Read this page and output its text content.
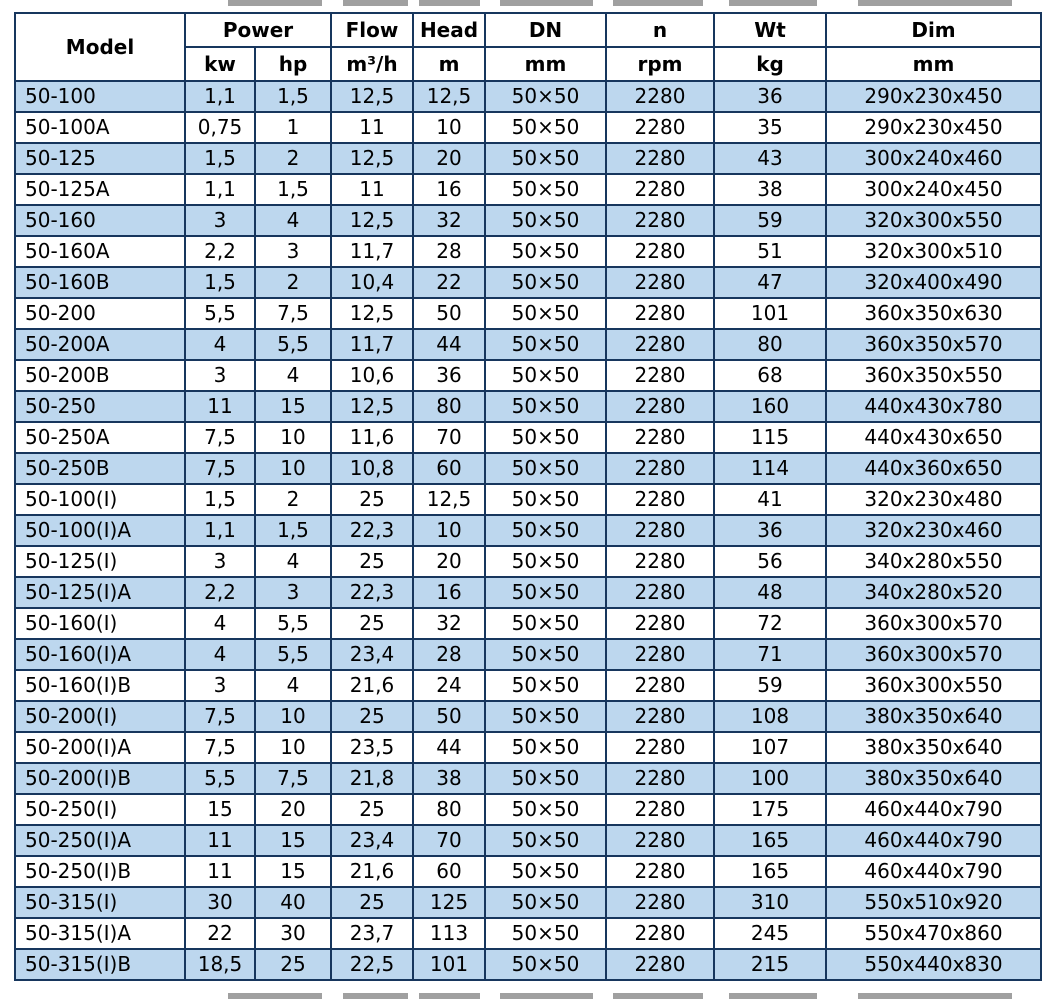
Model	Power		Flow	Head	DN	n	Wt	Dim
	kw	hp	m³/h	m	mm	rpm	kg	mm
50-100	1,1	1,5	12,5	12,5	50×50	2280	36	290x230x450
50-100A	0,75	1	11	10	50×50	2280	35	290x230x450
50-125	1,5	2	12,5	20	50×50	2280	43	300x240x460
50-125A	1,1	1,5	11	16	50×50	2280	38	300x240x450
50-160	3	4	12,5	32	50×50	2280	59	320x300x550
50-160A	2,2	3	11,7	28	50×50	2280	51	320x300x510
50-160B	1,5	2	10,4	22	50×50	2280	47	320x400x490
50-200	5,5	7,5	12,5	50	50×50	2280	101	360x350x630
50-200A	4	5,5	11,7	44	50×50	2280	80	360x350x570
50-200B	3	4	10,6	36	50×50	2280	68	360x350x550
50-250	11	15	12,5	80	50×50	2280	160	440x430x780
50-250A	7,5	10	11,6	70	50×50	2280	115	440x430x650
50-250B	7,5	10	10,8	60	50×50	2280	114	440x360x650
50-100(I)	1,5	2	25	12,5	50×50	2280	41	320x230x480
50-100(I)A	1,1	1,5	22,3	10	50×50	2280	36	320x230x460
50-125(I)	3	4	25	20	50×50	2280	56	340x280x550
50-125(I)A	2,2	3	22,3	16	50×50	2280	48	340x280x520
50-160(I)	4	5,5	25	32	50×50	2280	72	360x300x570
50-160(I)A	4	5,5	23,4	28	50×50	2280	71	360x300x570
50-160(I)B	3	4	21,6	24	50×50	2280	59	360x300x550
50-200(I)	7,5	10	25	50	50×50	2280	108	380x350x640
50-200(I)A	7,5	10	23,5	44	50×50	2280	107	380x350x640
50-200(I)B	5,5	7,5	21,8	38	50×50	2280	100	380x350x640
50-250(I)	15	20	25	80	50×50	2280	175	460x440x790
50-250(I)A	11	15	23,4	70	50×50	2280	165	460x440x790
50-250(I)B	11	15	21,6	60	50×50	2280	165	460x440x790
50-315(I)	30	40	25	125	50×50	2280	310	550x510x920
50-315(I)A	22	30	23,7	113	50×50	2280	245	550x470x860
50-315(I)B	18,5	25	22,5	101	50×50	2280	215	550x440x830
